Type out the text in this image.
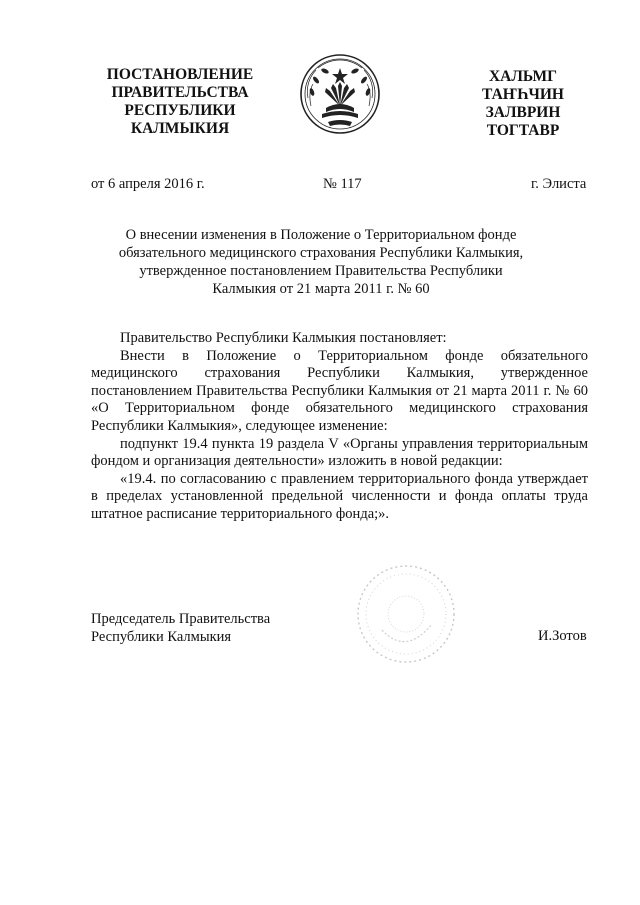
ПОСТАНОВЛЕНИЕ
ПРАВИТЕЛЬСТВА
РЕСПУБЛИКИ
КАЛМЫКИЯ
ХАЛЬМГ
ТАҤҺЧИН
ЗАЛВРИН
ТОГТАВР
от 6 апреля 2016 г.	№ 117	г. Элиста
О внесении изменения в Положение о Территориальном фонде обязательного медицинского страхования Республики Калмыкия, утвержденное постановлением Правительства Республики Калмыкия от 21 марта 2011 г. № 60

Правительство Республики Калмыкия постановляет:

Внести в Положение о Территориальном фонде обязательного медицинского страхования Республики Калмыкия, утвержденное постановлением Правительства Республики Калмыкия от 21 марта 2011 г. № 60 «О Территориальном фонде обязательного медицинского страхования Республики Калмыкия», следующее изменение:

подпункт 19.4 пункта 19 раздела V «Органы управления территориальным фондом и организация деятельности» изложить в новой редакции:

«19.4. по согласованию с правлением территориального фонда утверждает в пределах установленной предельной численности и фонда оплаты труда штатное расписание территориального фонда;».

Председатель Правительства
Республики Калмыкия	И.Зотов
